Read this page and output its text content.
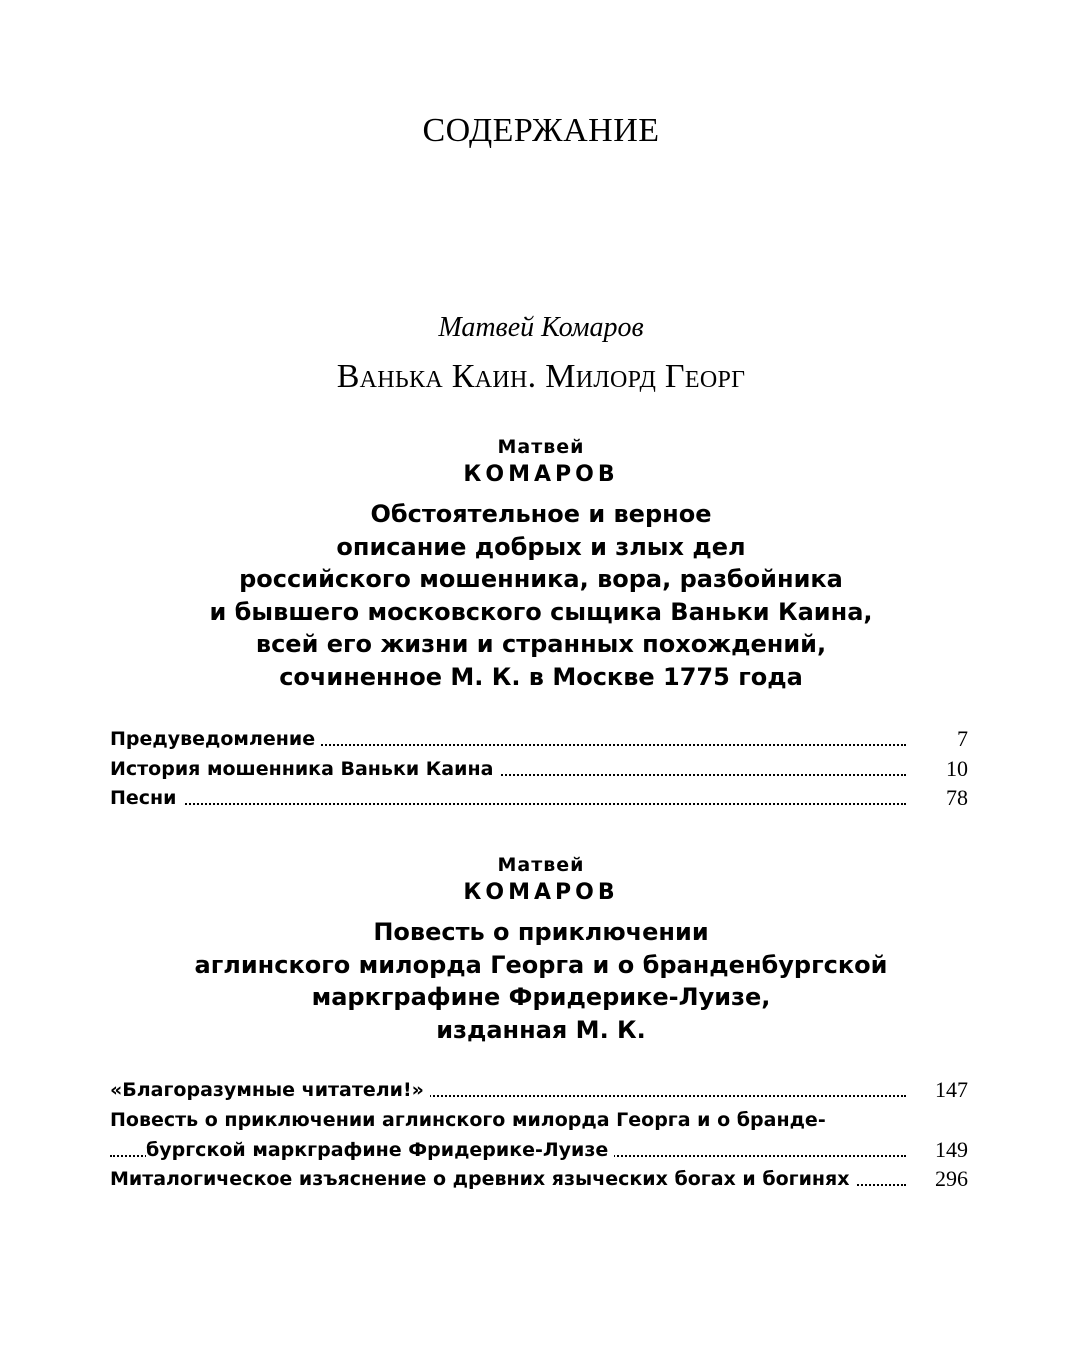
СОДЕРЖАНИЕ
Матвей Комаров
Ванька Каин. Милорд Георг
Матвей
КОМАРОВ
Обстоятельное и верное
описание добрых и злых дел
российского мошенника, вора, разбойника
и бывшего московского сыщика Ваньки Каина,
всей его жизни и странных похождений,
сочиненное М. К. в Москве 1775 года
Предуведомление	7
История мошенника Ваньки Каина	10
Песни	78
Матвей
КОМАРОВ
Повесть о приключении
аглинского милорда Георга и о бранденбургской
маркграфине Фридерике-Луизе,
изданная М. К.
«Благоразумные читатели!»	147
Повесть о приключении аглинского милорда Георга и о бранде-
бургской маркграфине Фридерике-Луизе	149
Миталогическое изъяснение о древних языческих богах и богинях	296
